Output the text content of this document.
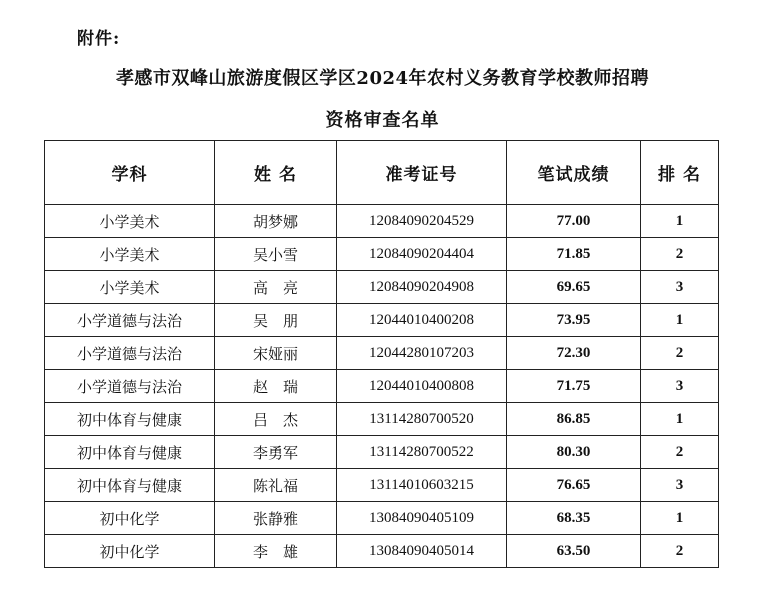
附件:
孝感市双峰山旅游度假区学区2024年农村义务教育学校教师招聘
资格审查名单
学科	姓 名	准考证号	笔试成绩	排 名
小学美术	胡梦娜	12084090204529	77.00	1
小学美术	吴小雪	12084090204404	71.85	2
小学美术	高　亮	12084090204908	69.65	3
小学道德与法治	吴　朋	12044010400208	73.95	1
小学道德与法治	宋娅丽	12044280107203	72.30	2
小学道德与法治	赵　瑞	12044010400808	71.75	3
初中体育与健康	吕　杰	13114280700520	86.85	1
初中体育与健康	李勇军	13114280700522	80.30	2
初中体育与健康	陈礼福	13114010603215	76.65	3
初中化学	张静雅	13084090405109	68.35	1
初中化学	李　雄	13084090405014	63.50	2
